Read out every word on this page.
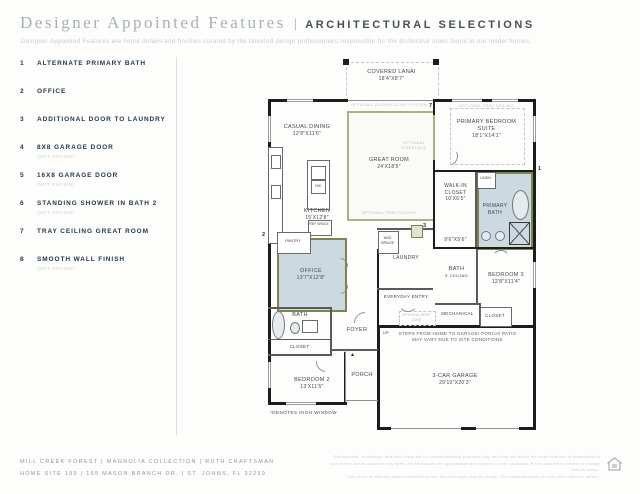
Designer Appointed Features | ARCHITECTURAL SELECTIONS
Designer Appointed Features are home details and finishes curated by the talented design professionals responsible for the distinctive looks found in our model homes.
1	ALTERNATE PRIMARY BATH
2	OFFICE
3	ADDITIONAL DOOR TO LAUNDRY
4	8X8 GARAGE DOOR
(NOT SHOWN)
5	16X8 GARAGE DOOR
(NOT SHOWN)
6	STANDING SHOWER IN BATH 2
(NOT SHOWN)
7	TRAY CEILING GREAT ROOM
8	SMOOTH WALL FINISH
(NOT SHOWN)
COVERED LANAI
18'4"X8'7"
CASUAL DINING
12'8"X11'6"
GREAT ROOM
24'X18'5"
PRIMARY BEDROOM SUITE
18'1"X14'1"
KITCHEN
15'X12'8"
OFFICE
13'7"X12'8"
WALK-IN CLOSET
10'X6'5"
PRIMARY BATH
LINEN
9'6"X5'6"
LAUNDRY
W/D SPACE
BATH
9' CEILING	BEDROOM 3
12'8"X11'4"
EVERYDAY ENTRY
OPTIONAL DROP ZONE
MECHANICAL	CLOSET
UP	STEPS FROM HOME TO GARAGE/ PORCH/ PATIO MAY VARY DUE TO SITE CONDITIONS
3-CAR GARAGE
29'10"X20'3"
BATH
CLOSET
FOYER
PORCH
BEDROOM 2
13'X11'5"
*DENOTES HIGH WINDOW
PANTRY
REF SPACE
DW
OPTIONAL SLIDING DOOR SYSTEM
OPTIONAL FIREPLACE
OPTIONAL TRAY CEILING
OPTIONAL TRAY CEILING
2
7
1
3
▲
MILL CREEK FOREST | MAGNOLIA COLLECTION | RUTH CRAFTSMAN
HOME SITE 199 | 165 MASON BRANCH DR. | ST. JOHNS, FL 32259
Photographs, renderings, and floor plans are for representational purposes only and may not reflect the exact features or dimensions of
your home; actual structure may differ. All dimensions are approximate and subject to field variations. Prices and offers subject to change without notice.
This is not an offering where prohibited by law. Not all images may be shown. See sales associate or visit sales office for details.
